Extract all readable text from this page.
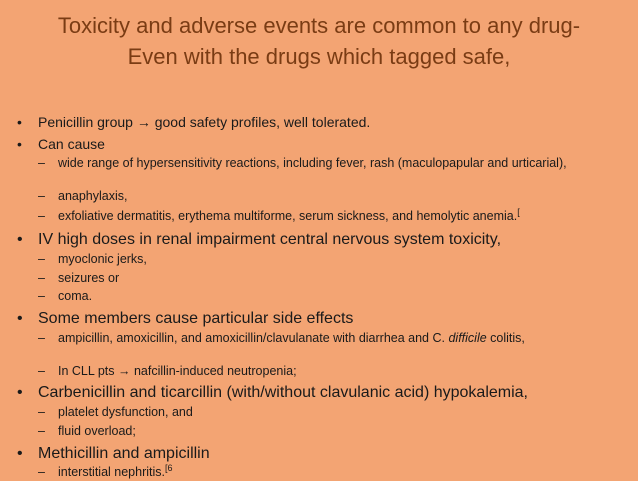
Toxicity and adverse events are common to any drug-
Even with the drugs which tagged safe,
• Penicillin group → good safety profiles, well tolerated.
• Can cause
– wide range of hypersensitivity reactions, including fever, rash (maculopapular and urticarial),
– anaphylaxis,
– exfoliative dermatitis, erythema multiforme, serum sickness, and hemolytic anemia.[
• IV high doses in renal impairment central nervous system toxicity,
– myoclonic jerks,
– seizures or
– coma.
• Some members cause particular side effects
– ampicillin, amoxicillin, and amoxicillin/clavulanate with diarrhea and C. difficile colitis,
– In CLL pts → nafcillin-induced neutropenia;
• Carbenicillin and ticarcillin (with/without clavulanic acid) hypokalemia,
– platelet dysfunction, and
– fluid overload;
• Methicillin and ampicillin
– interstitial nephritis.$^{[6}$
